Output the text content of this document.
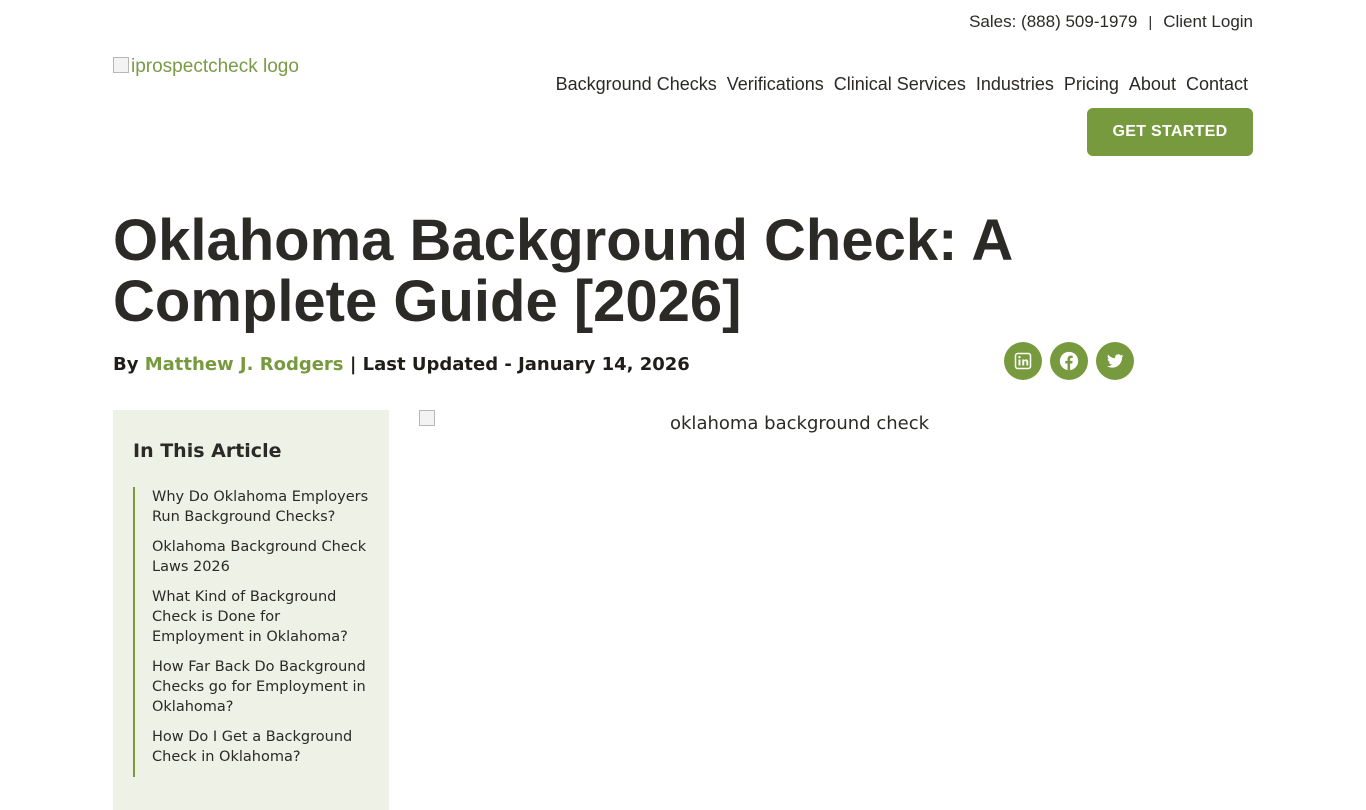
Sales: (888) 509-1979 | Client Login
iprospectcheck logo
Background Checks Verifications Clinical Services Industries Pricing About Contact
GET STARTED
Oklahoma Background Check: A Complete Guide [2026]
By Matthew J. Rodgers | Last Updated - January 14, 2026
In This Article
Why Do Oklahoma Employers Run Background Checks?
Oklahoma Background Check Laws 2026
What Kind of Background Check is Done for Employment in Oklahoma?
How Far Back Do Background Checks go for Employment in Oklahoma?
How Do I Get a Background Check in Oklahoma?
oklahoma background check
